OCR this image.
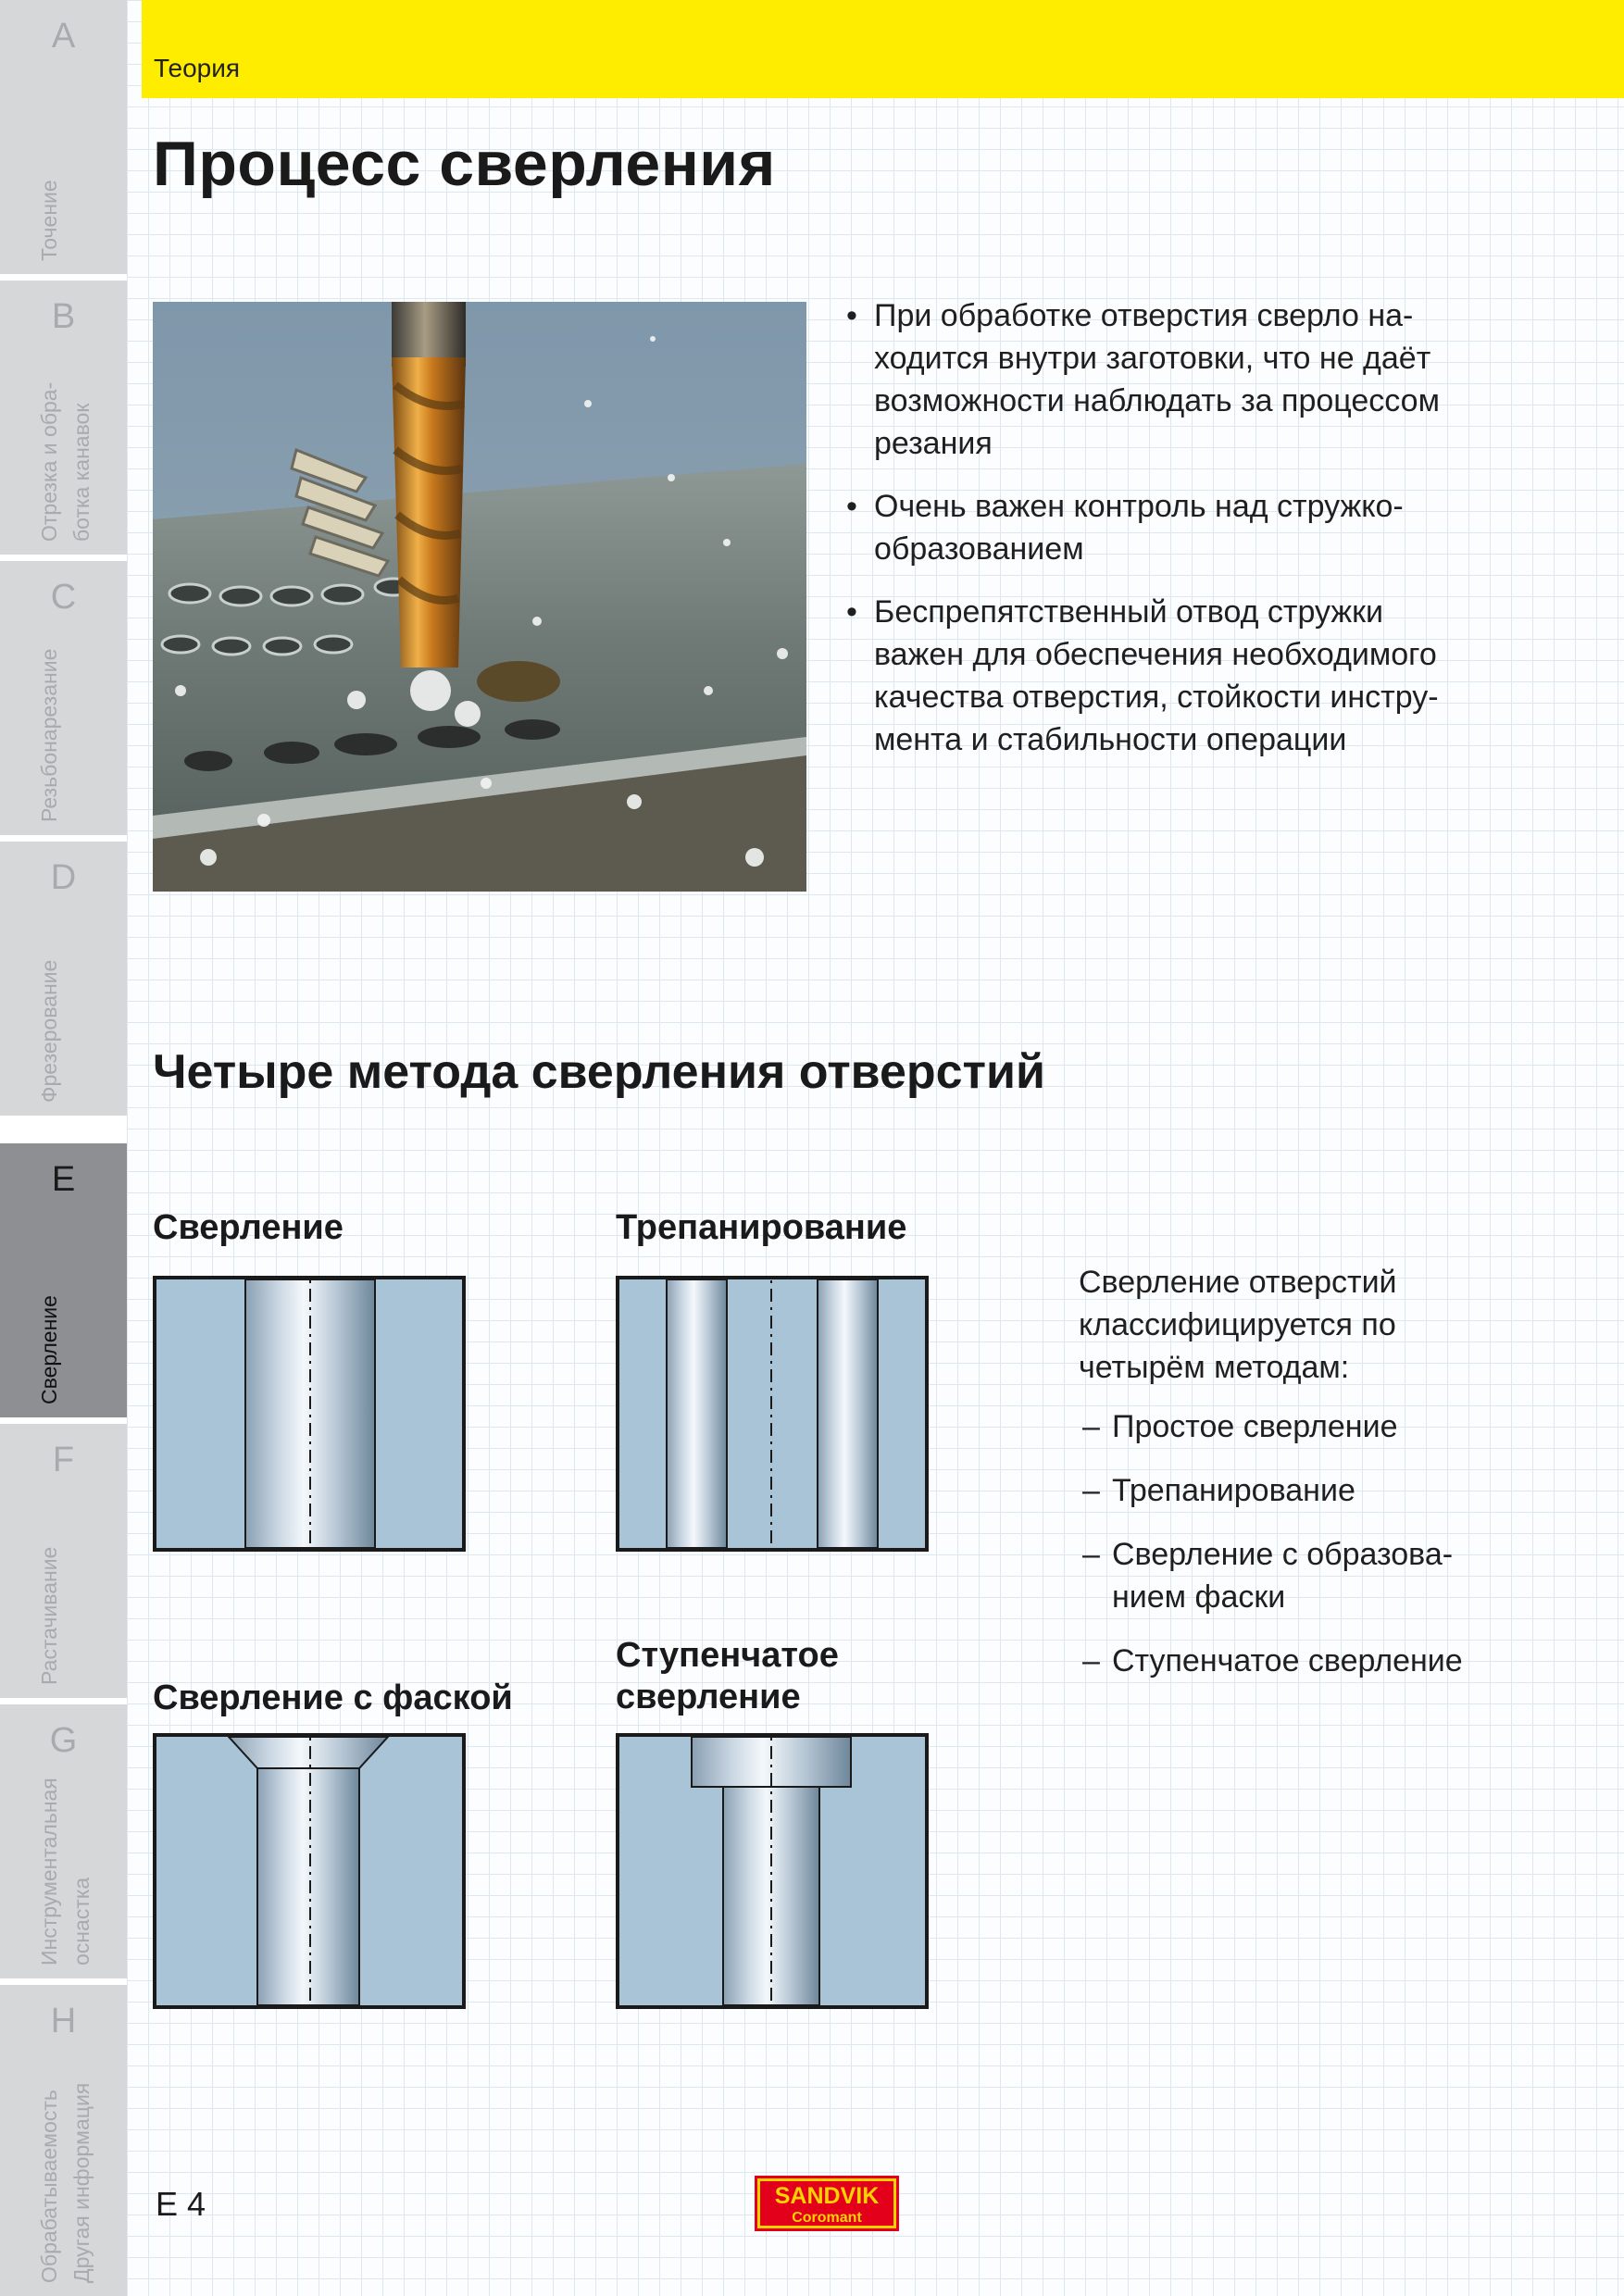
A
Точение
B
Отрезка и обра-
ботка канавок
C
Резьбонарезание
D
Фрезерование
E
Сверление
F
Растачивание
G
Инструментальная
оснастка
H
Обрабатываемость
Другая информация
Теория
Процесс сверления
• При обработке отверстия сверло на-
ходится внутри заготовки, что не даёт
возможности наблюдать за процессом
резания
• Очень важен контроль над стружко-
образованием
• Беспрепятственный отвод стружки
важен для обеспечения необходимого
качества отверстия, стойкости инстру-
мента и стабильности операции
Четыре метода сверления отверстий
Сверление	Трепанирование
Сверление с фаской
Ступенчатое
сверление

Сверление отверстий
классифицируется по
четырём методам:

– Простое сверление
– Трепанирование
– Сверление с образова-
нием фаски
– Ступенчатое сверление
E 4	SANDVIK
Coromant
